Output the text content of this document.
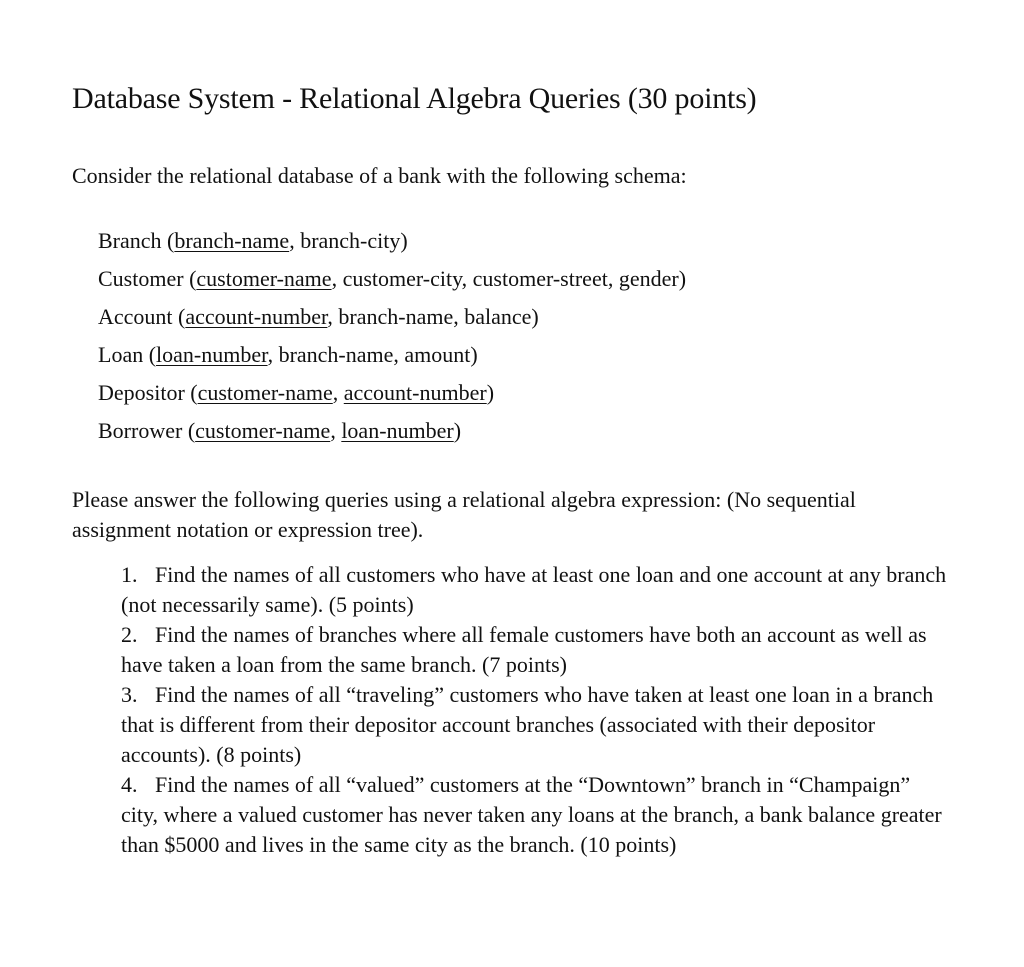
Database System - Relational Algebra Queries (30 points)

Consider the relational database of a bank with the following schema:

Branch (branch-name, branch-city)
Customer (customer-name, customer-city, customer-street, gender)
Account (account-number, branch-name, balance)
Loan (loan-number, branch-name, amount)
Depositor (customer-name, account-number)
Borrower (customer-name, loan-number)

Please answer the following queries using a relational algebra expression: (No sequential assignment notation or expression tree).

1. Find the names of all customers who have at least one loan and one account at any branch (not necessarily same). (5 points)
2. Find the names of branches where all female customers have both an account as well as have taken a loan from the same branch. (7 points)
3. Find the names of all “traveling” customers who have taken at least one loan in a branch that is different from their depositor account branches (associated with their depositor accounts). (8 points)
4. Find the names of all “valued” customers at the “Downtown” branch in “Champaign” city, where a valued customer has never taken any loans at the branch, a bank balance greater than $5000 and lives in the same city as the branch. (10 points)
